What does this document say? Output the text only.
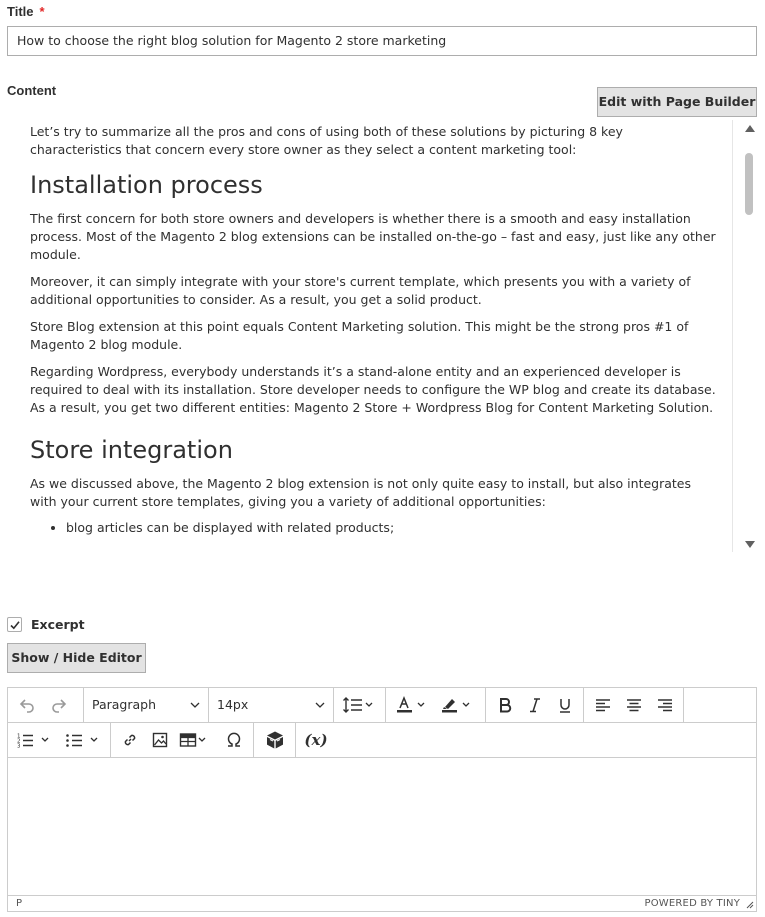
Title *
How to choose the right blog solution for Magento 2 store marketing
Content
Edit with Page Builder

Let’s try to summarize all the pros and cons of using both of these solutions by picturing 8 key characteristics that concern every store owner as they select a content marketing tool:

Installation process

The first concern for both store owners and developers is whether there is a smooth and easy installation process. Most of the Magento 2 blog extensions can be installed on-the-go – fast and easy, just like any other module.

Moreover, it can simply integrate with your store's current template, which presents you with a variety of additional opportunities to consider. As a result, you get a solid product.

Store Blog extension at this point equals Content Marketing solution. This might be the strong pros #1 of Magento 2 blog module.

Regarding Wordpress, everybody understands it’s a stand-alone entity and an experienced developer is required to deal with its installation. Store developer needs to configure the WP blog and create its database. As a result, you get two different entities: Magento 2 Store + Wordpress Blog for Content Marketing Solution.

Store integration

As we discussed above, the Magento 2 blog extension is not only quite easy to install, but also integrates with your current store templates, giving you a variety of additional opportunities:

• blog articles can be displayed with related products;
Excerpt
Show / Hide Editor
Paragraph	14px
1
2
3	(x)
P	POWERED BY TINY
